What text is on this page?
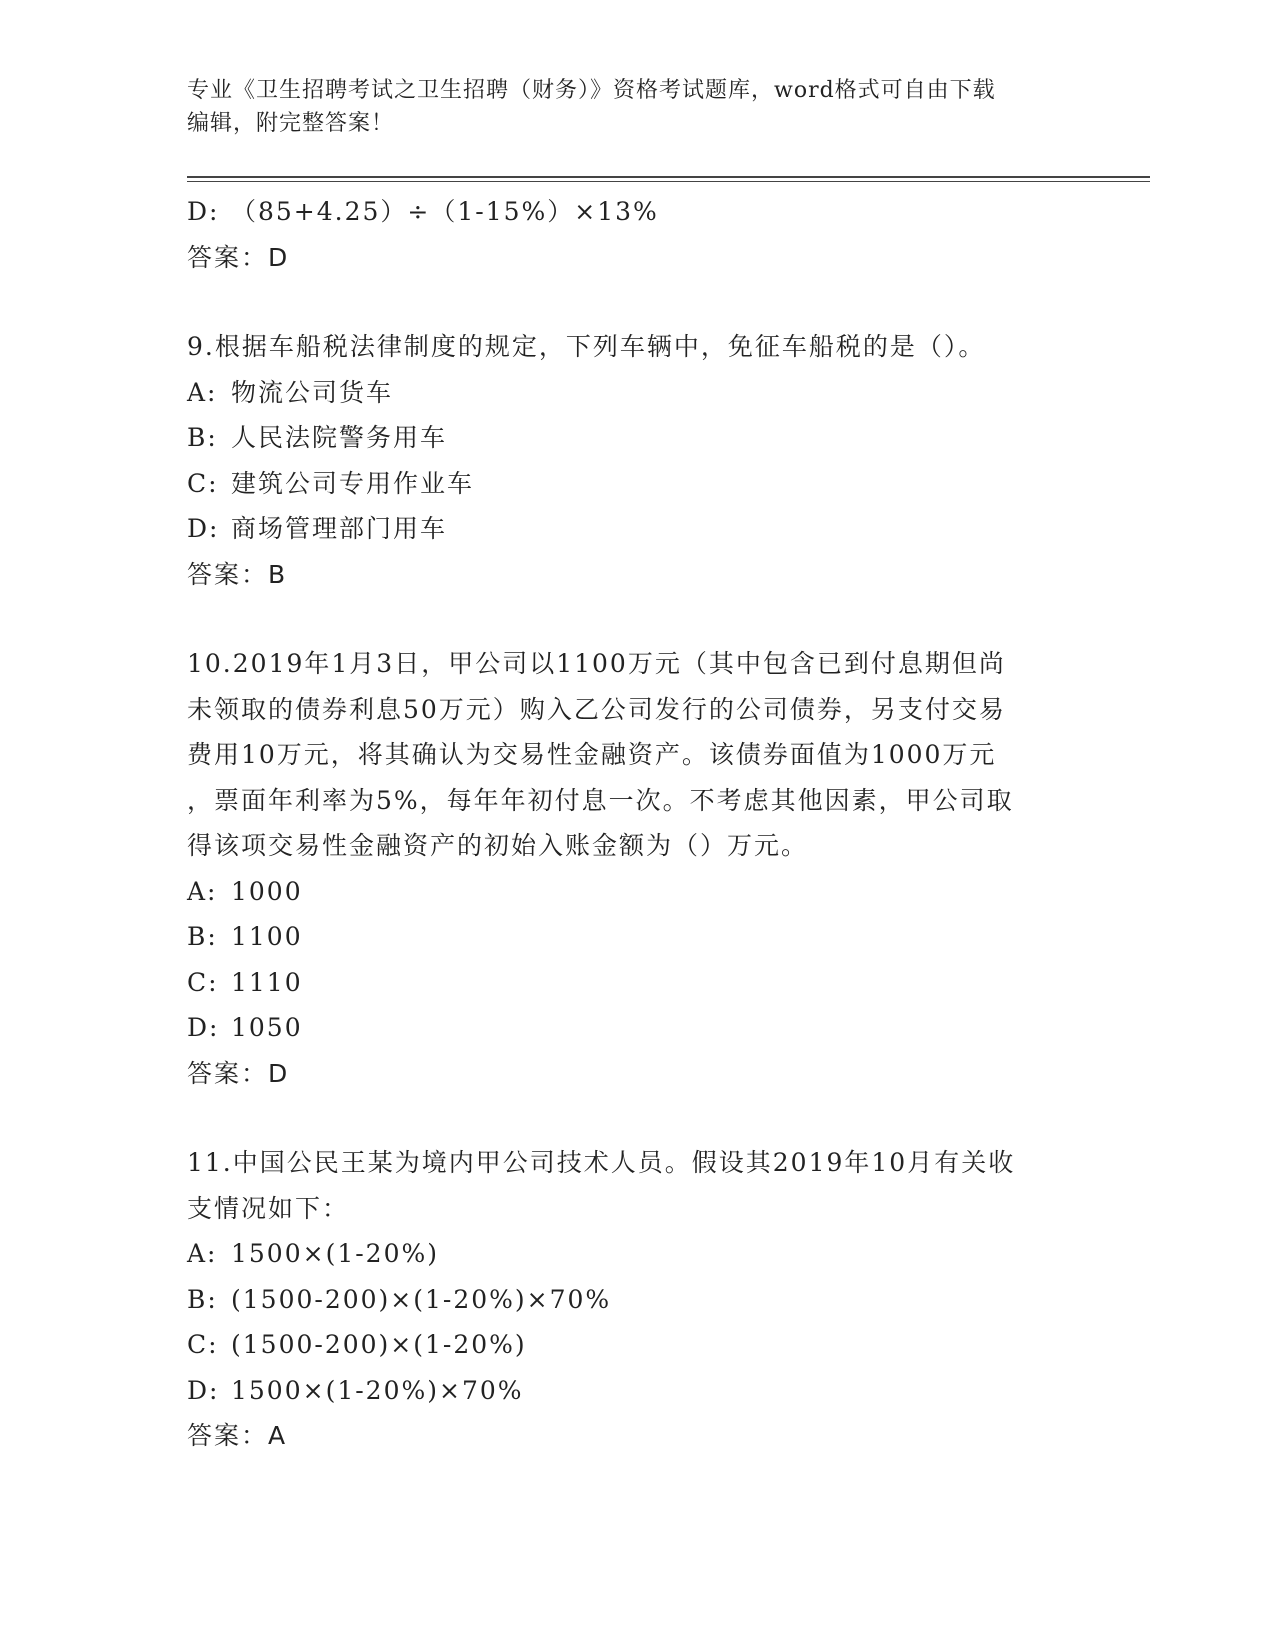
专业《卫生招聘考试之卫生招聘（财务）》资格考试题库，word格式可自由下载
编辑，附完整答案！
D: （85+4.25）÷（1-15%）×13%
答案：D
9.根据车船税法律制度的规定，下列车辆中，免征车船税的是（）。
A: 物流公司货车
B: 人民法院警务用车
C: 建筑公司专用作业车
D: 商场管理部门用车
答案：B
10.2019年1月3日，甲公司以1100万元（其中包含已到付息期但尚
未领取的债券利息50万元）购入乙公司发行的公司债券，另支付交易
费用10万元，将其确认为交易性金融资产。该债券面值为1000万元
，票面年利率为5%，每年年初付息一次。不考虑其他因素，甲公司取
得该项交易性金融资产的初始入账金额为（）万元。
A: 1000
B: 1100
C: 1110
D: 1050
答案：D
11.中国公民王某为境内甲公司技术人员。假设其2019年10月有关收
支情况如下：
A: 1500×(1-20%)
B: (1500-200)×(1-20%)×70%
C: (1500-200)×(1-20%)
D: 1500×(1-20%)×70%
答案：A
